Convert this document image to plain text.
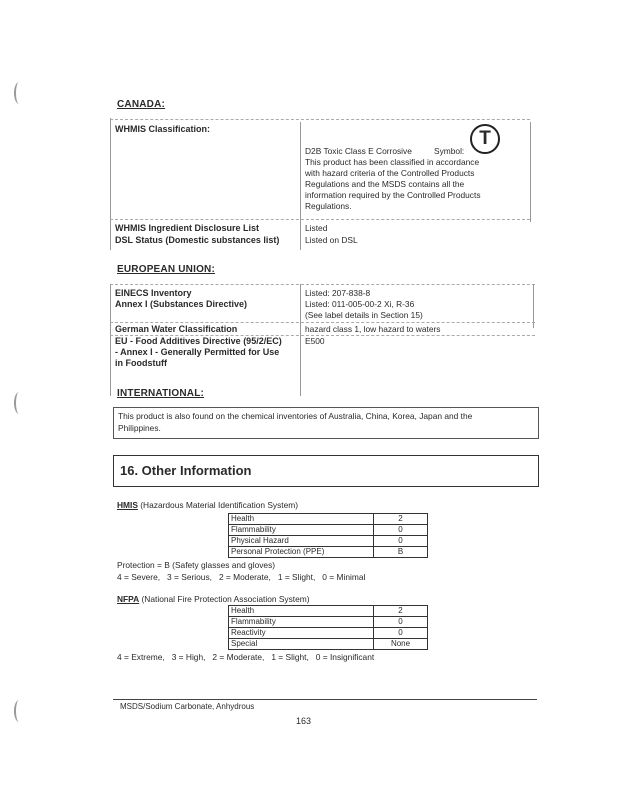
CANADA:
WHMIS Classification:
D2B Toxic Class E Corrosive	Symbol:
T
This product has been classified in accordance
with hazard criteria of the Controlled Products
Regulations and the MSDS contains all the
information required by the Controlled Products
Regulations.
WHMIS Ingredient Disclosure List	Listed
DSL Status (Domestic substances list)	Listed on DSL
EUROPEAN UNION:
EINECS Inventory	Listed: 207-838-8
Annex I (Substances Directive)	Listed: 011-005-00-2 Xi, R-36
(See label details in Section 15)
German Water Classification	hazard class 1, low hazard to waters
EU - Food Additives Directive (95/2/EC)	E500
- Annex I - Generally Permitted for Use
in Foodstuff
INTERNATIONAL:
This product is also found on the chemical inventories of Australia, China, Korea, Japan and the
Philippines.
16. Other Information
HMIS (Hazardous Material Identification System)
Health	2
Flammability	0
Physical Hazard	0
Personal Protection (PPE)	B
Protection = B (Safety glasses and gloves)
4 = Severe,   3 = Serious,   2 = Moderate,   1 = Slight,   0 = Minimal
NFPA (National Fire Protection Association System)
Health	2
Flammability	0
Reactivity	0
Special	None
4 = Extreme,   3 = High,   2 = Moderate,   1 = Slight,   0 = Insignificant
MSDS/Sodium Carbonate, Anhydrous
163
